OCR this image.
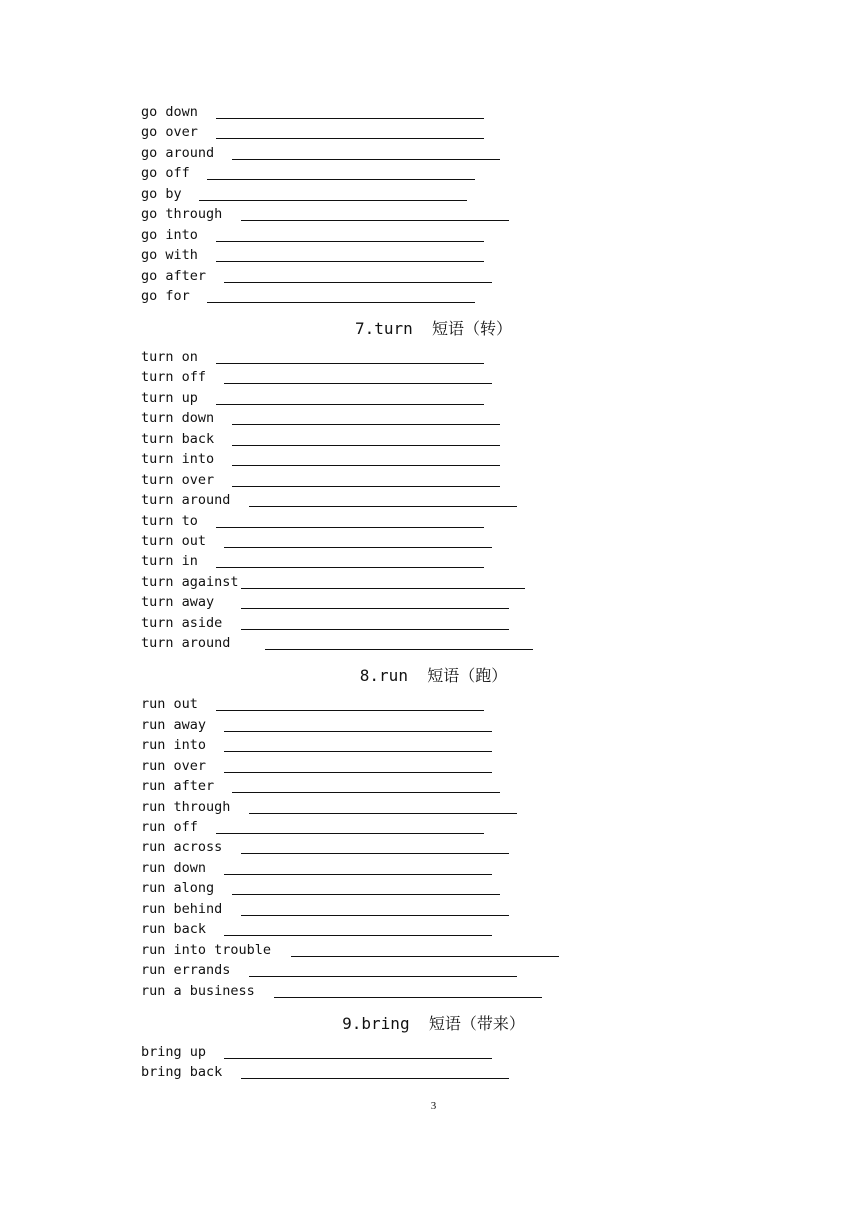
go down
go over
go around
go off
go by
go through
go into
go with
go after
go for
7.turn  短语（转）
turn on
turn off
turn up
turn down
turn back
turn into
turn over
turn around
turn to
turn out
turn in
turn against
turn away
turn aside
turn around
8.run  短语（跑）
run out
run away
run into
run over
run after
run through
run off
run across
run down
run along
run behind
run back
run into trouble
run errands
run a business
9.bring  短语（带来）
bring up
bring back
3
